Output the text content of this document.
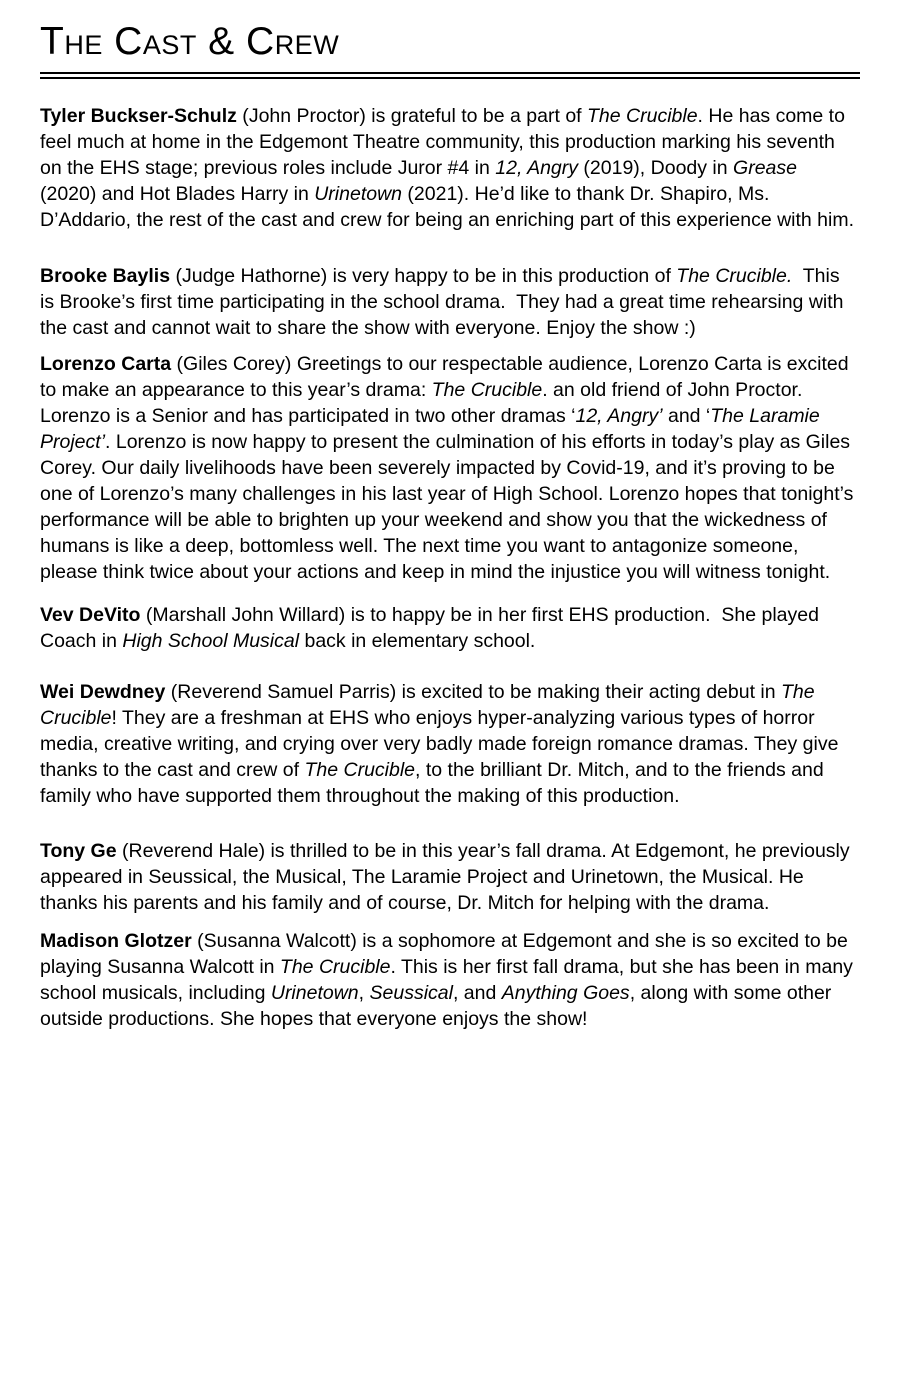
The Cast & Crew

Tyler Buckser-Schulz (John Proctor) is grateful to be a part of The Crucible. He has come to feel much at home in the Edgemont Theatre community, this production marking his seventh on the EHS stage; previous roles include Juror #4 in 12, Angry (2019), Doody in Grease (2020) and Hot Blades Harry in Urinetown (2021). He’d like to thank Dr. Shapiro, Ms. D’Addario, the rest of the cast and crew for being an enriching part of this experience with him.

Brooke Baylis (Judge Hathorne) is very happy to be in this production of The Crucible.  This is Brooke’s first time participating in the school drama.  They had a great time rehearsing with the cast and cannot wait to share the show with everyone. Enjoy the show :)

Lorenzo Carta (Giles Corey) Greetings to our respectable audience, Lorenzo Carta is excited to make an appearance to this year’s drama: The Crucible. an old friend of John Proctor. Lorenzo is a Senior and has participated in two other dramas ‘12, Angry’ and ‘The Laramie Project’. Lorenzo is now happy to present the culmination of his efforts in today’s play as Giles Corey. Our daily livelihoods have been severely impacted by Covid-19, and it’s proving to be one of Lorenzo’s many challenges in his last year of High School. Lorenzo hopes that tonight’s performance will be able to brighten up your weekend and show you that the wickedness of humans is like a deep, bottomless well. The next time you want to antagonize someone, please think twice about your actions and keep in mind the injustice you will witness tonight.

Vev DeVito (Marshall John Willard) is to happy be in her first EHS production.  She played Coach in High School Musical back in elementary school.

Wei Dewdney (Reverend Samuel Parris) is excited to be making their acting debut in The Crucible! They are a freshman at EHS who enjoys hyper-analyzing various types of horror media, creative writing, and crying over very badly made foreign romance dramas. They give thanks to the cast and crew of The Crucible, to the brilliant Dr. Mitch, and to the friends and family who have supported them throughout the making of this production.

Tony Ge (Reverend Hale) is thrilled to be in this year’s fall drama. At Edgemont, he previously appeared in Seussical, the Musical, The Laramie Project and Urinetown, the Musical. He thanks his parents and his family and of course, Dr. Mitch for helping with the drama.

Madison Glotzer (Susanna Walcott) is a sophomore at Edgemont and she is so excited to be playing Susanna Walcott in The Crucible. This is her first fall drama, but she has been in many school musicals, including Urinetown, Seussical, and Anything Goes, along with some other outside productions. She hopes that everyone enjoys the show!
